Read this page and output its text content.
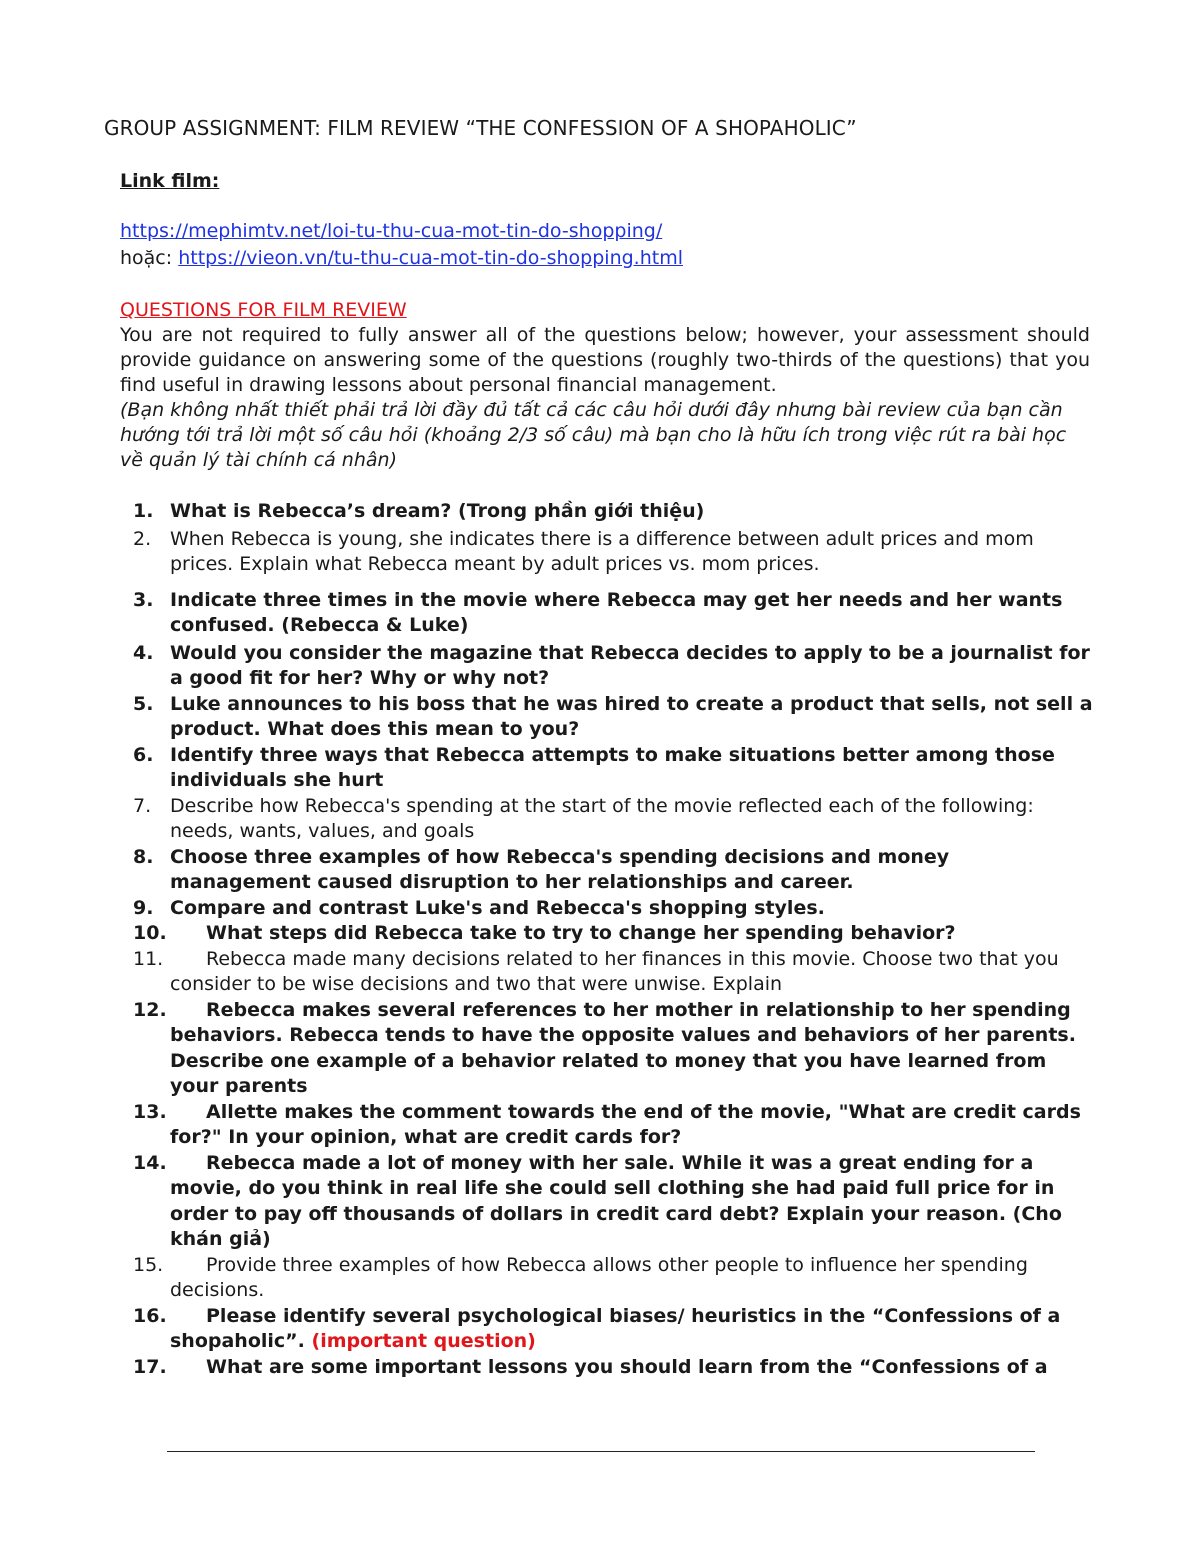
GROUP ASSIGNMENT: FILM REVIEW “THE CONFESSION OF A SHOPAHOLIC”
Link film:
https://mephimtv.net/loi-tu-thu-cua-mot-tin-do-shopping/
hoặc: https://vieon.vn/tu-thu-cua-mot-tin-do-shopping.html
QUESTIONS FOR FILM REVIEW

You are not required to fully answer all of the questions below; however, your assessment should provide guidance on answering some of the questions (roughly two-thirds of the questions) that you find useful in drawing lessons about personal financial management.

(Bạn không nhất thiết phải trả lời đầy đủ tất cả các câu hỏi dưới đây nhưng bài review của bạn cần hướng tới trả lời một số câu hỏi (khoảng 2/3 số câu) mà bạn cho là hữu ích trong việc rút ra bài học về quản lý tài chính cá nhân)

1. What is Rebecca’s dream? (Trong phần giới thiệu)
2. When Rebecca is young, she indicates there is a difference between adult prices and mom prices. Explain what Rebecca meant by adult prices vs. mom prices.
3. Indicate three times in the movie where Rebecca may get her needs and her wants confused. (Rebecca & Luke)
4. Would you consider the magazine that Rebecca decides to apply to be a journalist for a good fit for her? Why or why not?
5. Luke announces to his boss that he was hired to create a product that sells, not sell a product. What does this mean to you?
6. Identify three ways that Rebecca attempts to make situations better among those individuals she hurt
7. Describe how Rebecca's spending at the start of the movie reflected each of the following: needs, wants, values, and goals
8. Choose three examples of how Rebecca's spending decisions and money management caused disruption to her relationships and career.
9. Compare and contrast Luke's and Rebecca's shopping styles.
10. What steps did Rebecca take to try to change her spending behavior?
11. Rebecca made many decisions related to her finances in this movie. Choose two that you consider to be wise decisions and two that were unwise. Explain
12. Rebecca makes several references to her mother in relationship to her spending behaviors. Rebecca tends to have the opposite values and behaviors of her parents. Describe one example of a behavior related to money that you have learned from your parents
13. Allette makes the comment towards the end of the movie, "What are credit cards for?" In your opinion, what are credit cards for?
14. Rebecca made a lot of money with her sale. While it was a great ending for a movie, do you think in real life she could sell clothing she had paid full price for in order to pay off thousands of dollars in credit card debt? Explain your reason. (Cho khán giả)
15. Provide three examples of how Rebecca allows other people to influence her spending decisions.
16. Please identify several psychological biases/ heuristics in the “Confessions of a shopaholic”. (important question)
17. What are some important lessons you should learn from the “Confessions of a
